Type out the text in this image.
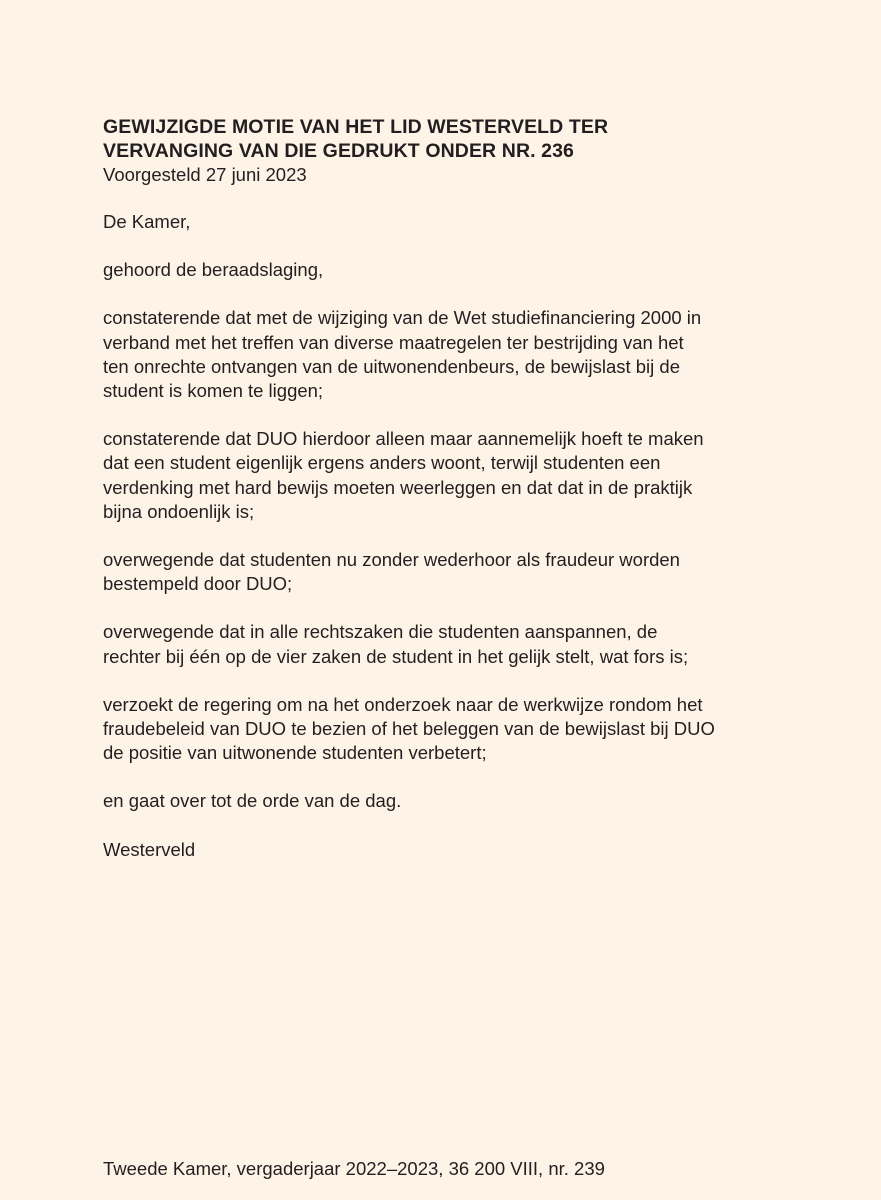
GEWIJZIGDE MOTIE VAN HET LID WESTERVELD TER
VERVANGING VAN DIE GEDRUKT ONDER NR. 236

Voorgesteld 27 juni 2023

De Kamer,

gehoord de beraadslaging,

constaterende dat met de wijziging van de Wet studiefinanciering 2000 in
verband met het treffen van diverse maatregelen ter bestrijding van het
ten onrechte ontvangen van de uitwonendenbeurs, de bewijslast bij de
student is komen te liggen;
constaterende dat DUO hierdoor alleen maar aannemelijk hoeft te maken
dat een student eigenlijk ergens anders woont, terwijl studenten een
verdenking met hard bewijs moeten weerleggen en dat dat in de praktijk
bijna ondoenlijk is;
overwegende dat studenten nu zonder wederhoor als fraudeur worden
bestempeld door DUO;
overwegende dat in alle rechtszaken die studenten aanspannen, de
rechter bij één op de vier zaken de student in het gelijk stelt, wat fors is;
verzoekt de regering om na het onderzoek naar de werkwijze rondom het
fraudebeleid van DUO te bezien of het beleggen van de bewijslast bij DUO
de positie van uitwonende studenten verbetert;

en gaat over tot de orde van de dag.

Westerveld

Tweede Kamer, vergaderjaar 2022–2023, 36 200 VIII, nr. 239
